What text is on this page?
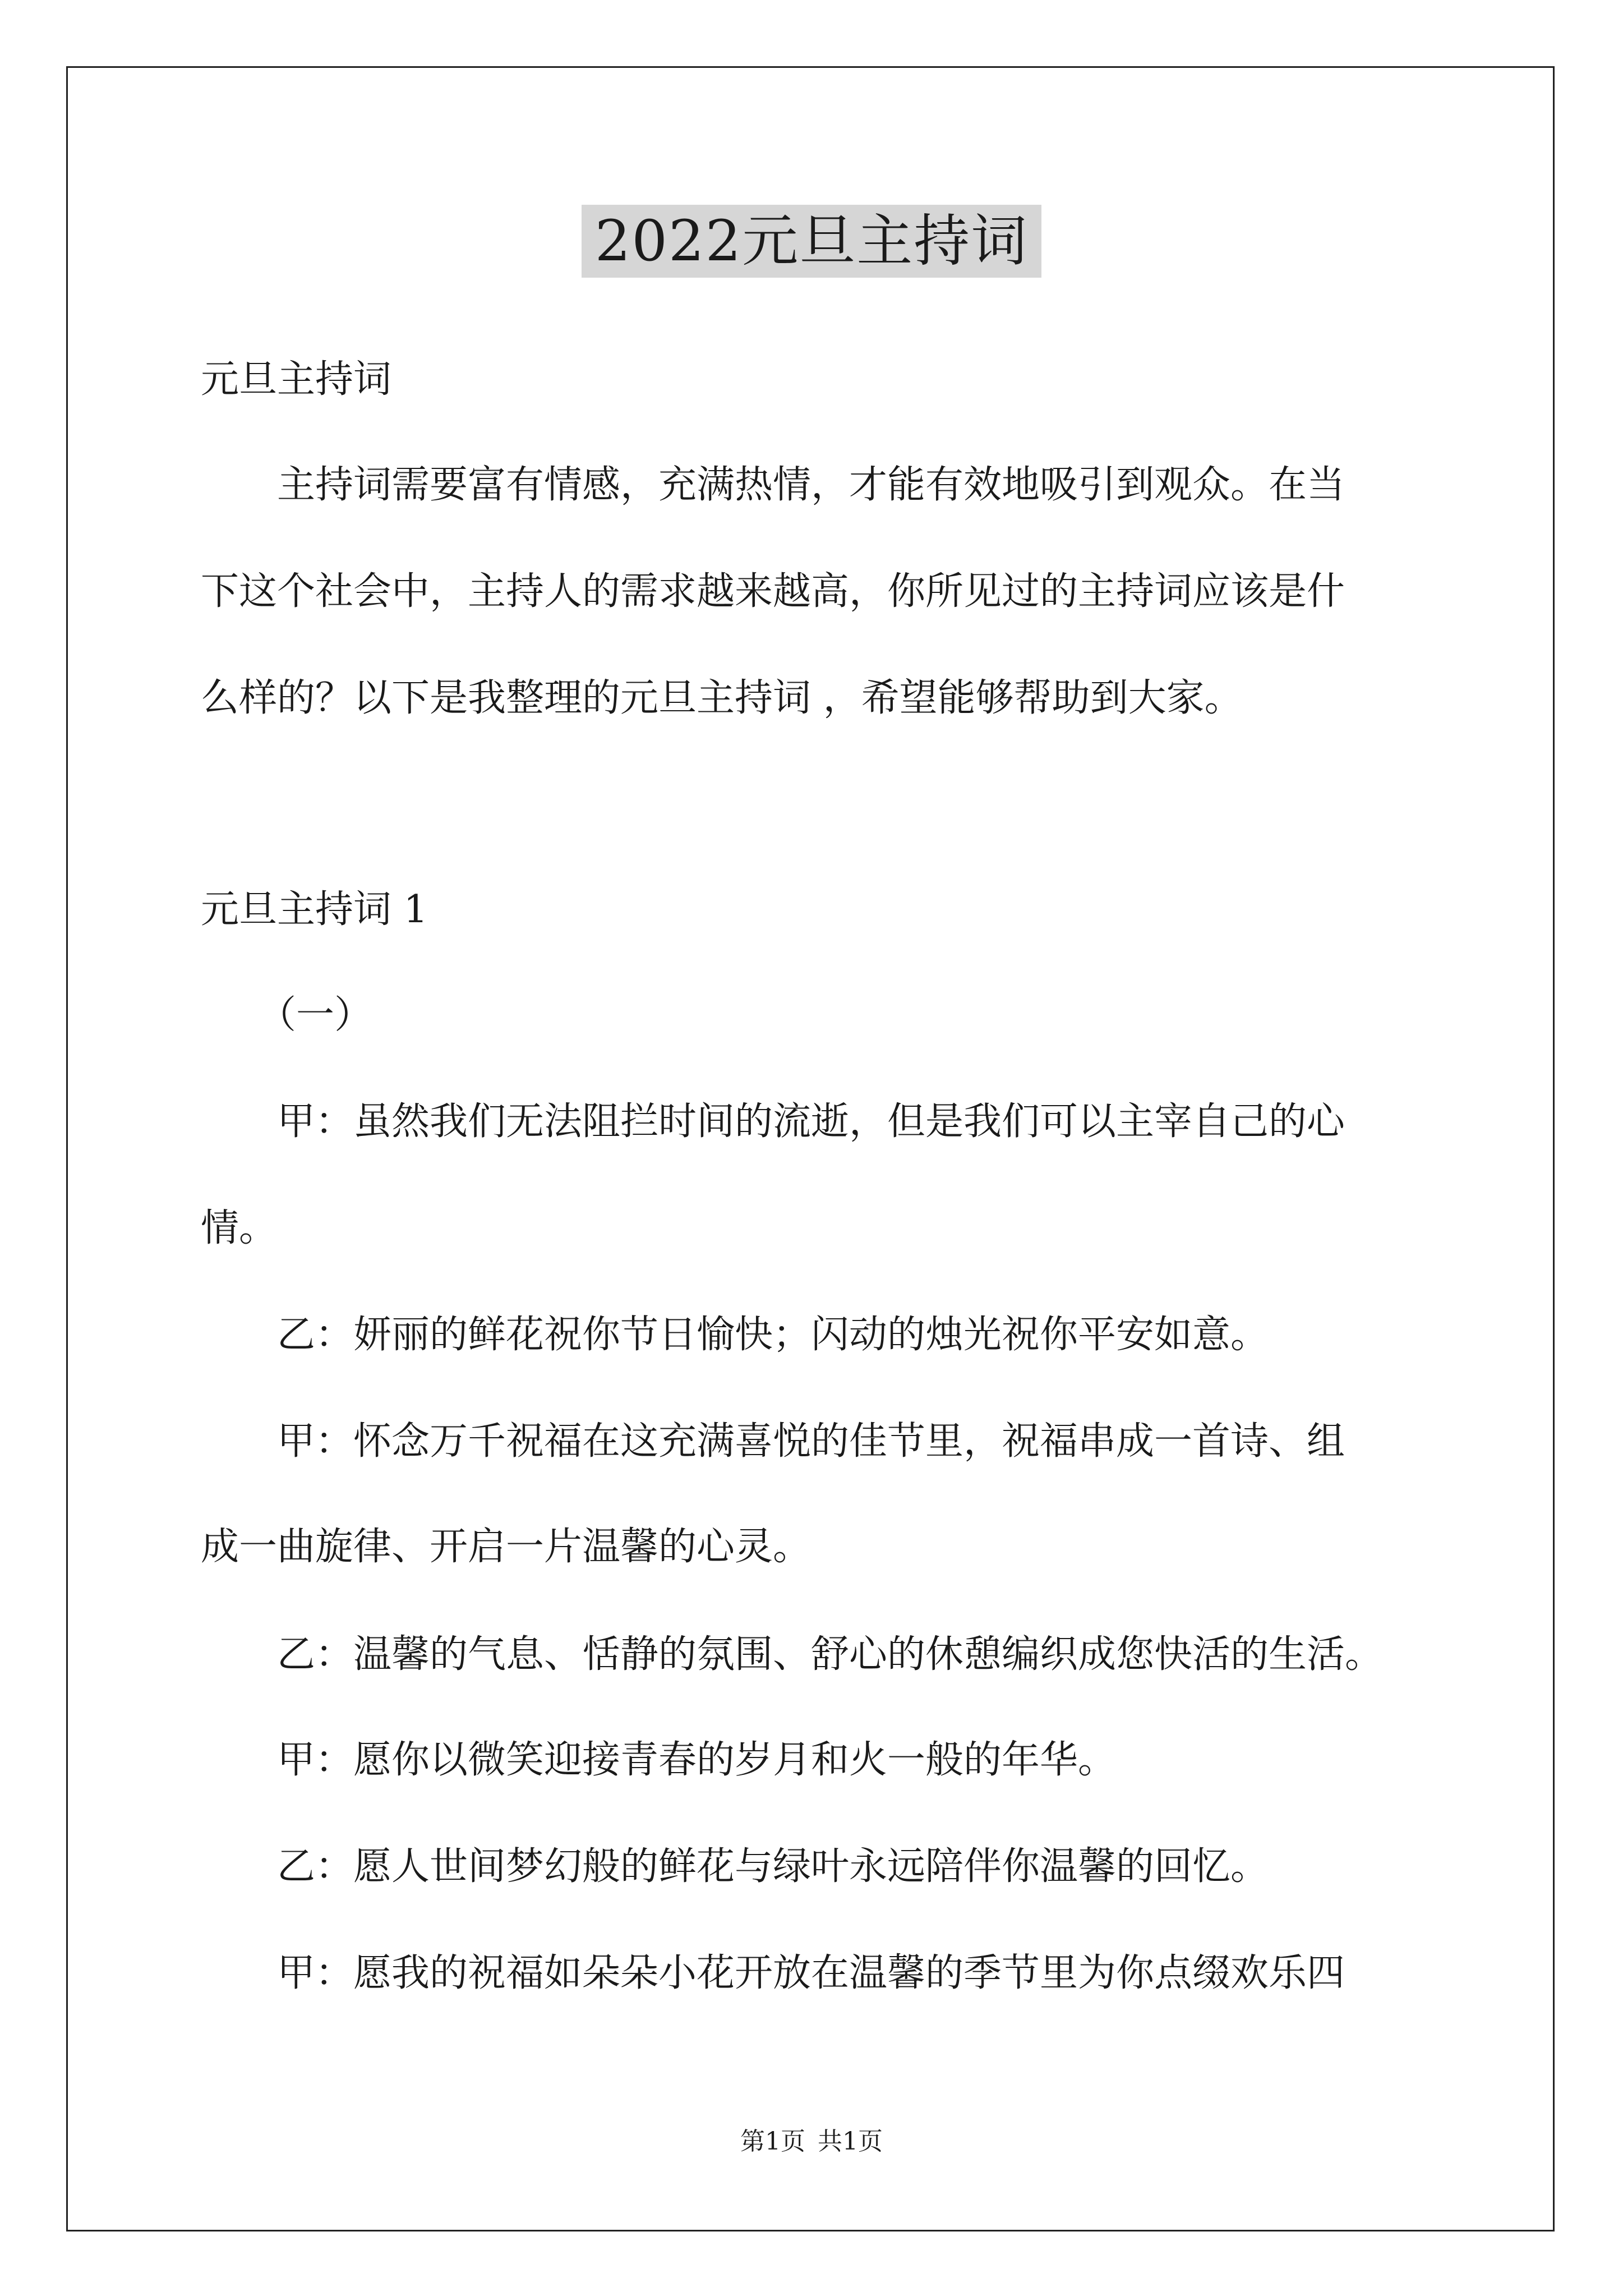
2022元旦主持词
元旦主持词
　　主持词需要富有情感，充满热情，才能有效地吸引到观众。在当
下这个社会中，主持人的需求越来越高，你所见过的主持词应该是什
么样的？以下是我整理的元旦主持词 ，希望能够帮助到大家。
元旦主持词 1
　　（一）
　　甲：虽然我们无法阻拦时间的流逝，但是我们可以主宰自己的心
情。
　　乙：妍丽的鲜花祝你节日愉快；闪动的烛光祝你平安如意。
　　甲：怀念万千祝福在这充满喜悦的佳节里，祝福串成一首诗、组
成一曲旋律、开启一片温馨的心灵。
　　乙：温馨的气息、恬静的氛围、舒心的休憩编织成您快活的生活。
　　甲：愿你以微笑迎接青春的岁月和火一般的年华。
　　乙：愿人世间梦幻般的鲜花与绿叶永远陪伴你温馨的回忆。
　　甲：愿我的祝福如朵朵小花开放在温馨的季节里为你点缀欢乐四
第1页 共1页
